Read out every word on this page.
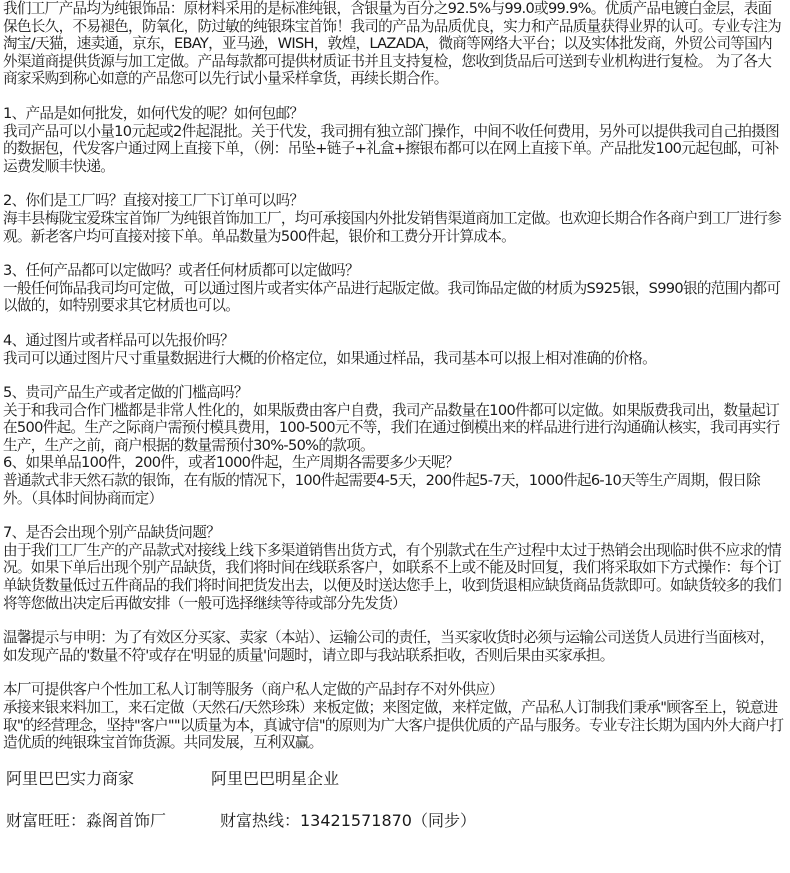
我们工厂产品均为纯银饰品：原材料采用的是标准纯银，含银量为百分之92.5%与99.0或99.9%。优质产品电镀白金层，表面保色长久，不易褪色，防氧化，防过敏的纯银珠宝首饰！我司的产品为品质优良，实力和产品质量获得业界的认可。专业专注为淘宝/天猫，速卖通，京东，EBAY，亚马逊，WISH，敦煌，LAZADA，微商等网络大平台；以及实体批发商，外贸公司等国内外渠道商提供货源与加工定做。产品每款都可提供材质证书并且支持复检，您收到货品后可送到专业机构进行复检。 为了各大商家采购到称心如意的产品您可以先行试小量采样拿货，再续长期合作。

1、产品是如何批发，如何代发的呢？如何包邮？

我司产品可以小量10元起或2件起混批。关于代发，我司拥有独立部门操作，中间不收任何费用，另外可以提供我司自己拍摄图的数据包，代发客户通过网上直接下单，（例：吊坠+链子+礼盒+擦银布都可以在网上直接下单。产品批发100元起包邮，可补运费发顺丰快递。

2、你们是工厂吗？直接对接工厂下订单可以吗？

海丰县梅陇宝爱珠宝首饰厂为纯银首饰加工厂，均可承接国内外批发销售渠道商加工定做。也欢迎长期合作各商户到工厂进行参观。新老客户均可直接对接下单。单品数量为500件起，银价和工费分开计算成本。

3、任何产品都可以定做吗？或者任何材质都可以定做吗？

一般任何饰品我司均可定做，可以通过图片或者实体产品进行起版定做。我司饰品定做的材质为S925银，S990银的范围内都可以做的，如特别要求其它材质也可以。

4、通过图片或者样品可以先报价吗？

我司可以通过图片尺寸重量数据进行大概的价格定位，如果通过样品，我司基本可以报上相对准确的价格。

5、贵司产品生产或者定做的门槛高吗？

关于和我司合作门槛都是非常人性化的，如果版费由客户自费，我司产品数量在100件都可以定做。如果版费我司出，数量起订在500件起。生产之际商户需预付模具费用，100-500元不等，我们在通过倒模出来的样品进行进行沟通确认核实，我司再实行生产，生产之前，商户根据的数量需预付30%-50%的款项。

6、如果单品100件，200件，或者1000件起，生产周期各需要多少天呢？

普通款式非天然石款的银饰，在有版的情况下，100件起需要4-5天，200件起5-7天，1000件起6-10天等生产周期，假日除外。（具体时间协商而定）

7、是否会出现个别产品缺货问题？

由于我们工厂生产的产品款式对接线上线下多渠道销售出货方式，有个别款式在生产过程中太过于热销会出现临时供不应求的情况。如果下单后出现个别产品缺货，我们将时间在线联系客户，如联系不上或不能及时回复，我们将采取如下方式操作：每个订单缺货数量低过五件商品的我们将时间把货发出去，以便及时送达您手上，收到货退相应缺货商品货款即可。如缺货较多的我们将等您做出决定后再做安排（一般可选择继续等待或部分先发货）

温馨提示与申明：为了有效区分买家、卖家（本站）、运输公司的责任，当买家收货时必须与运输公司送货人员进行当面核对，如发现产品的'数量不符'或存在'明显的质量'问题时，请立即与我站联系拒收，否则后果由买家承担。

本厂可提供客户个性加工私人订制等服务（商户私人定做的产品封存不对外供应）

承接来银来料加工，来石定做（天然石/天然珍珠）来板定做；来图定做，来样定做，产品私人订制我们秉承"顾客至上，锐意进取"的经营理念，坚持"客户""以质量为本，真诚守信"的原则为广大客户提供优质的产品与服务。专业专注长期为国内外大商户打造优质的纯银珠宝首饰货源。共同发展，互利双赢。

阿里巴巴实力商家	阿里巴巴明星企业
财富旺旺：淼阁首饰厂	财富热线：13421571870（同步）
